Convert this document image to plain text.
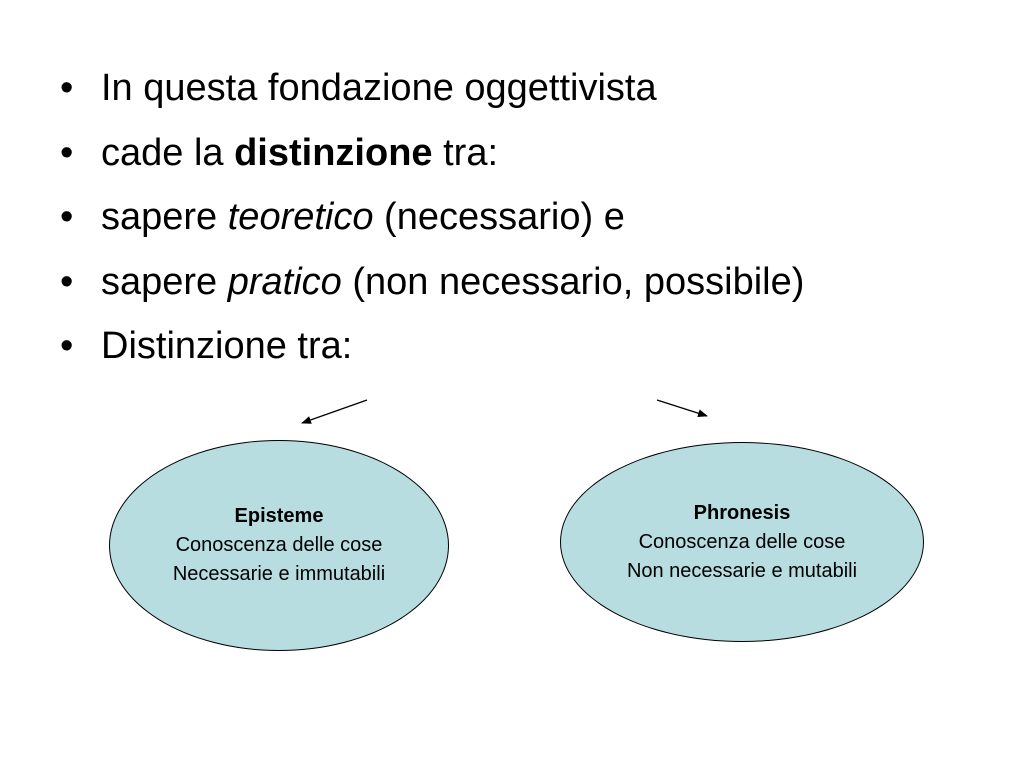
• In questa fondazione oggettivista
• cade la distinzione tra:
• sapere teoretico (necessario) e
• sapere pratico (non necessario, possibile)
• Distinzione tra:
Episteme
Conoscenza delle cose
Necessarie e immutabili
Phronesis
Conoscenza delle cose
Non necessarie e mutabili
